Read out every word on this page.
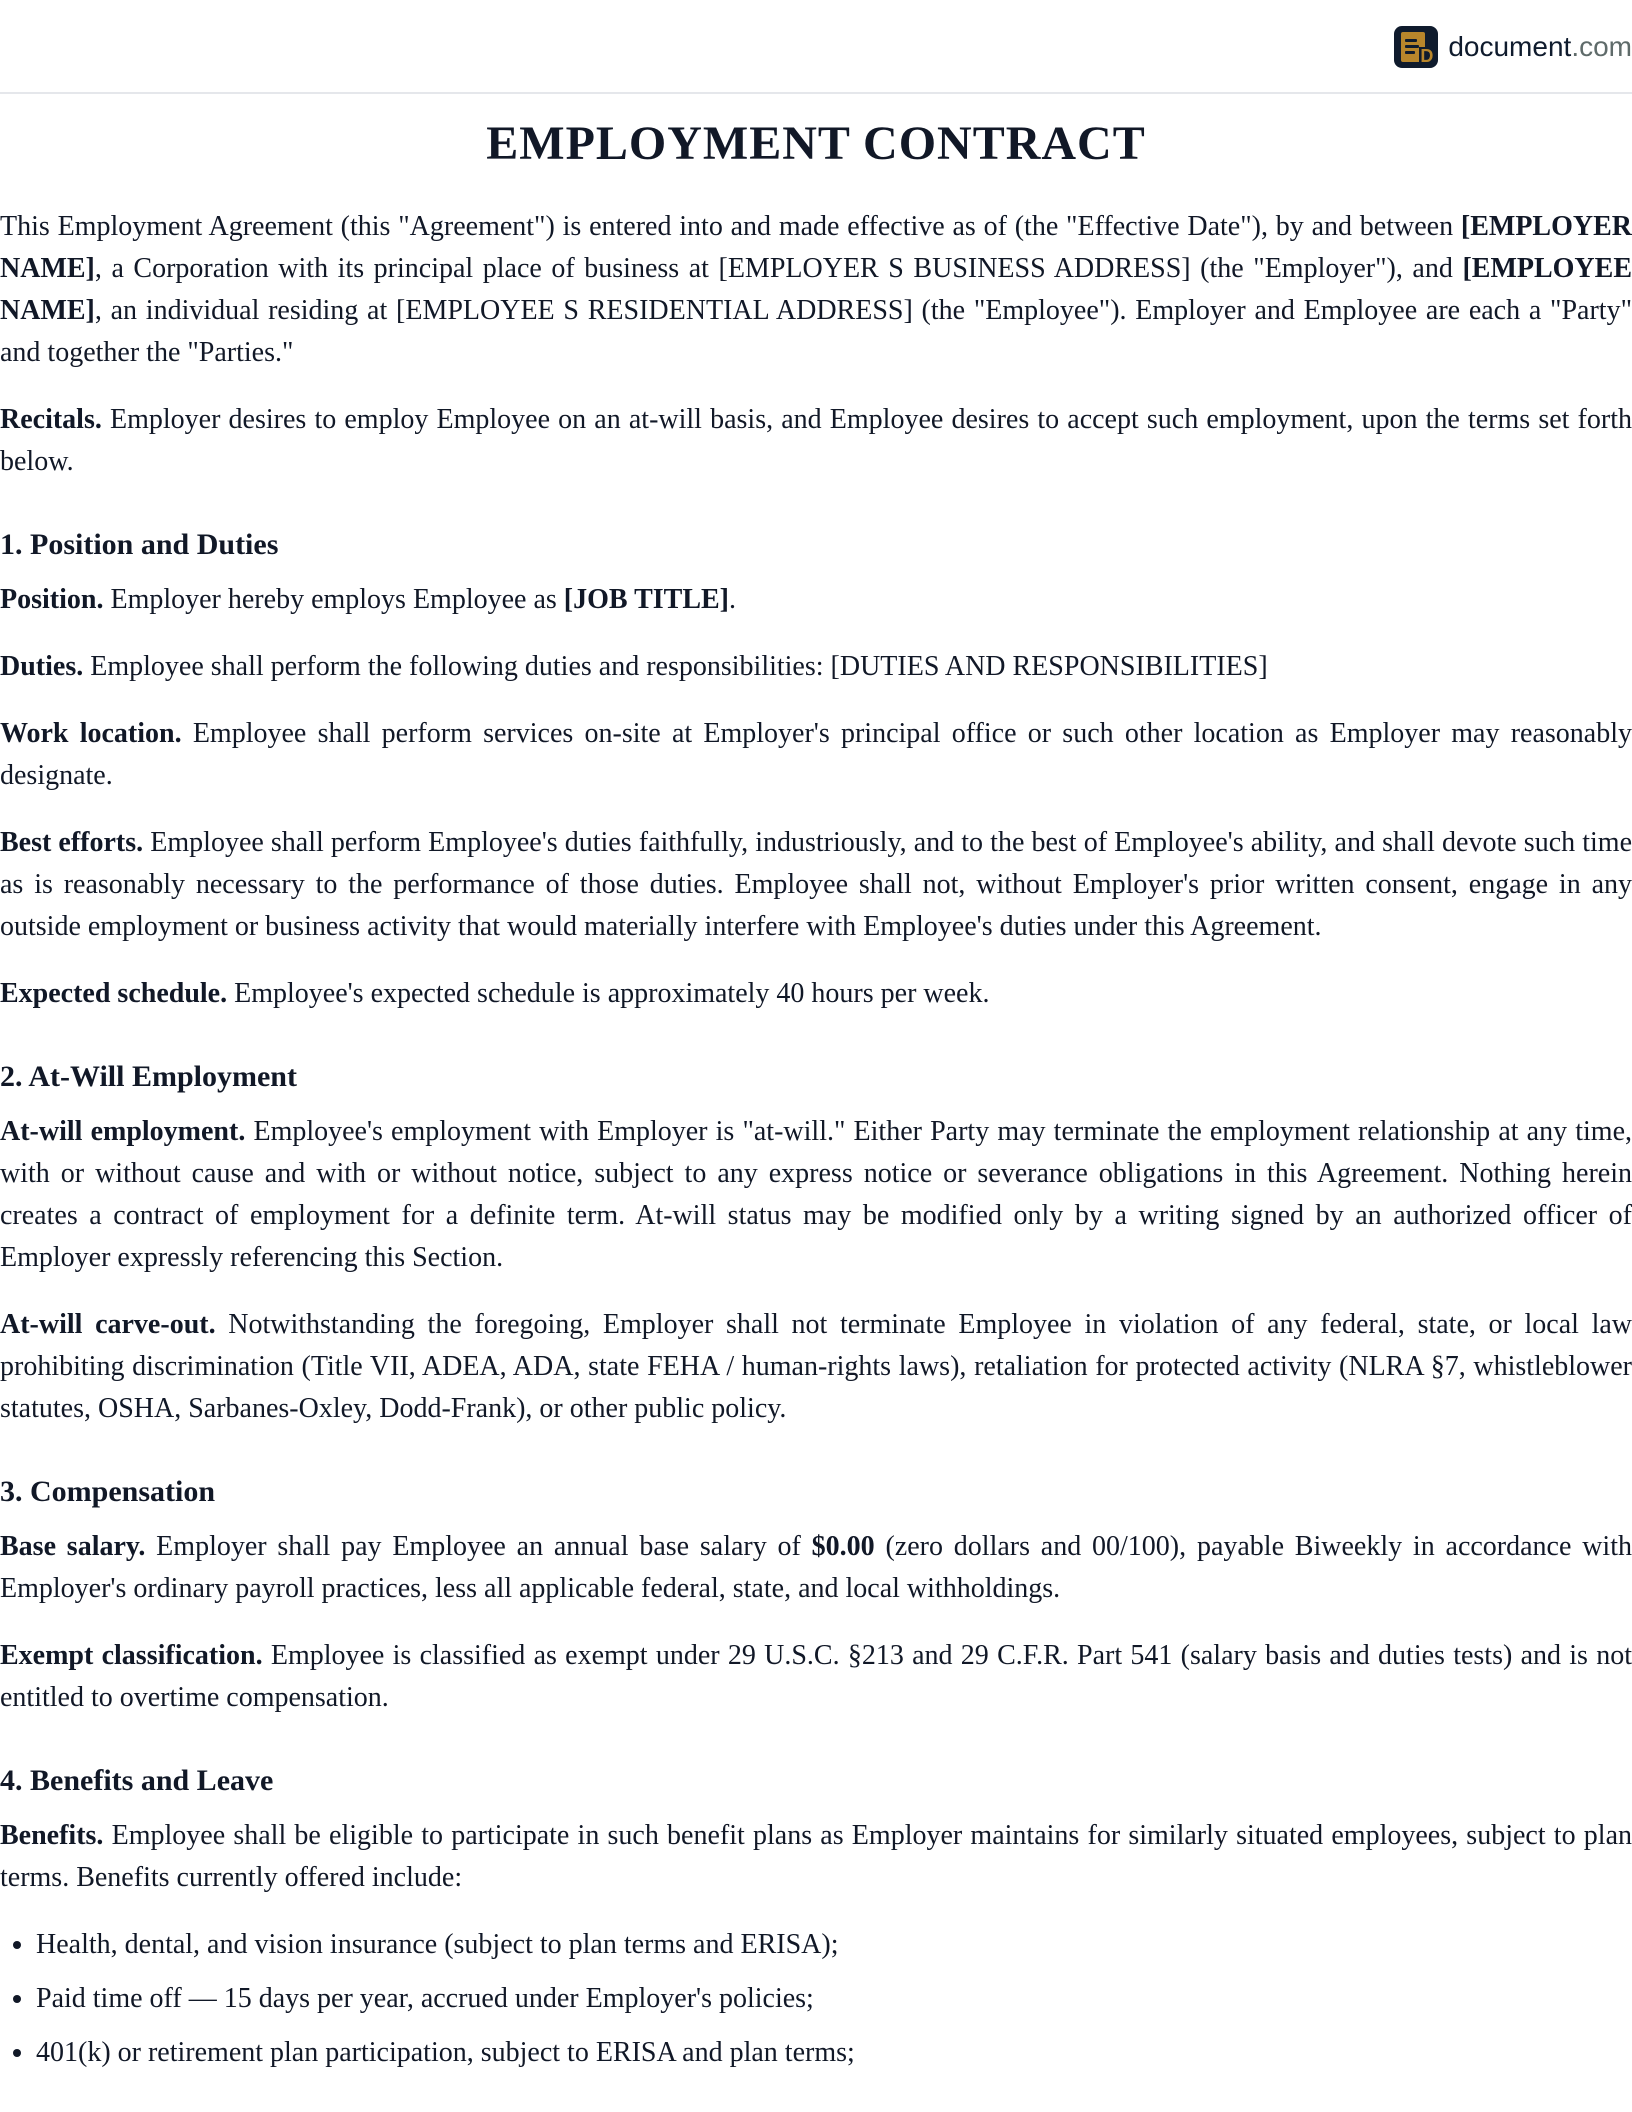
D document.com
EMPLOYMENT CONTRACT

This Employment Agreement (this "Agreement") is entered into and made effective as of (the "Effective Date"), by and between [EMPLOYER NAME], a Corporation with its principal place of business at [EMPLOYER S BUSINESS ADDRESS] (the "Employer"), and [EMPLOYEE NAME], an individual residing at [EMPLOYEE S RESIDENTIAL ADDRESS] (the "Employee"). Employer and Employee are each a "Party" and together the "Parties."

Recitals. Employer desires to employ Employee on an at-will basis, and Employee desires to accept such employment, upon the terms set forth below.

1. Position and Duties

Position. Employer hereby employs Employee as [JOB TITLE].

Duties. Employee shall perform the following duties and responsibilities: [DUTIES AND RESPONSIBILITIES]

Work location. Employee shall perform services on-site at Employer's principal office or such other location as Employer may reasonably designate.

Best efforts. Employee shall perform Employee's duties faithfully, industriously, and to the best of Employee's ability, and shall devote such time as is reasonably necessary to the performance of those duties. Employee shall not, without Employer's prior written consent, engage in any outside employment or business activity that would materially interfere with Employee's duties under this Agreement.

Expected schedule. Employee's expected schedule is approximately 40 hours per week.

2. At-Will Employment

At-will employment. Employee's employment with Employer is "at-will." Either Party may terminate the employment relationship at any time, with or without cause and with or without notice, subject to any express notice or severance obligations in this Agreement. Nothing herein creates a contract of employment for a definite term. At-will status may be modified only by a writing signed by an authorized officer of Employer expressly referencing this Section.

At-will carve-out. Notwithstanding the foregoing, Employer shall not terminate Employee in violation of any federal, state, or local law prohibiting discrimination (Title VII, ADEA, ADA, state FEHA / human-rights laws), retaliation for protected activity (NLRA §7, whistleblower statutes, OSHA, Sarbanes-Oxley, Dodd-Frank), or other public policy.

3. Compensation

Base salary. Employer shall pay Employee an annual base salary of $0.00 (zero dollars and 00/100), payable Biweekly in accordance with Employer's ordinary payroll practices, less all applicable federal, state, and local withholdings.

Exempt classification. Employee is classified as exempt under 29 U.S.C. §213 and 29 C.F.R. Part 541 (salary basis and duties tests) and is not entitled to overtime compensation.

4. Benefits and Leave

Benefits. Employee shall be eligible to participate in such benefit plans as Employer maintains for similarly situated employees, subject to plan terms. Benefits currently offered include:

• Health, dental, and vision insurance (subject to plan terms and ERISA);
• Paid time off — 15 days per year, accrued under Employer's policies;
• 401(k) or retirement plan participation, subject to ERISA and plan terms;
